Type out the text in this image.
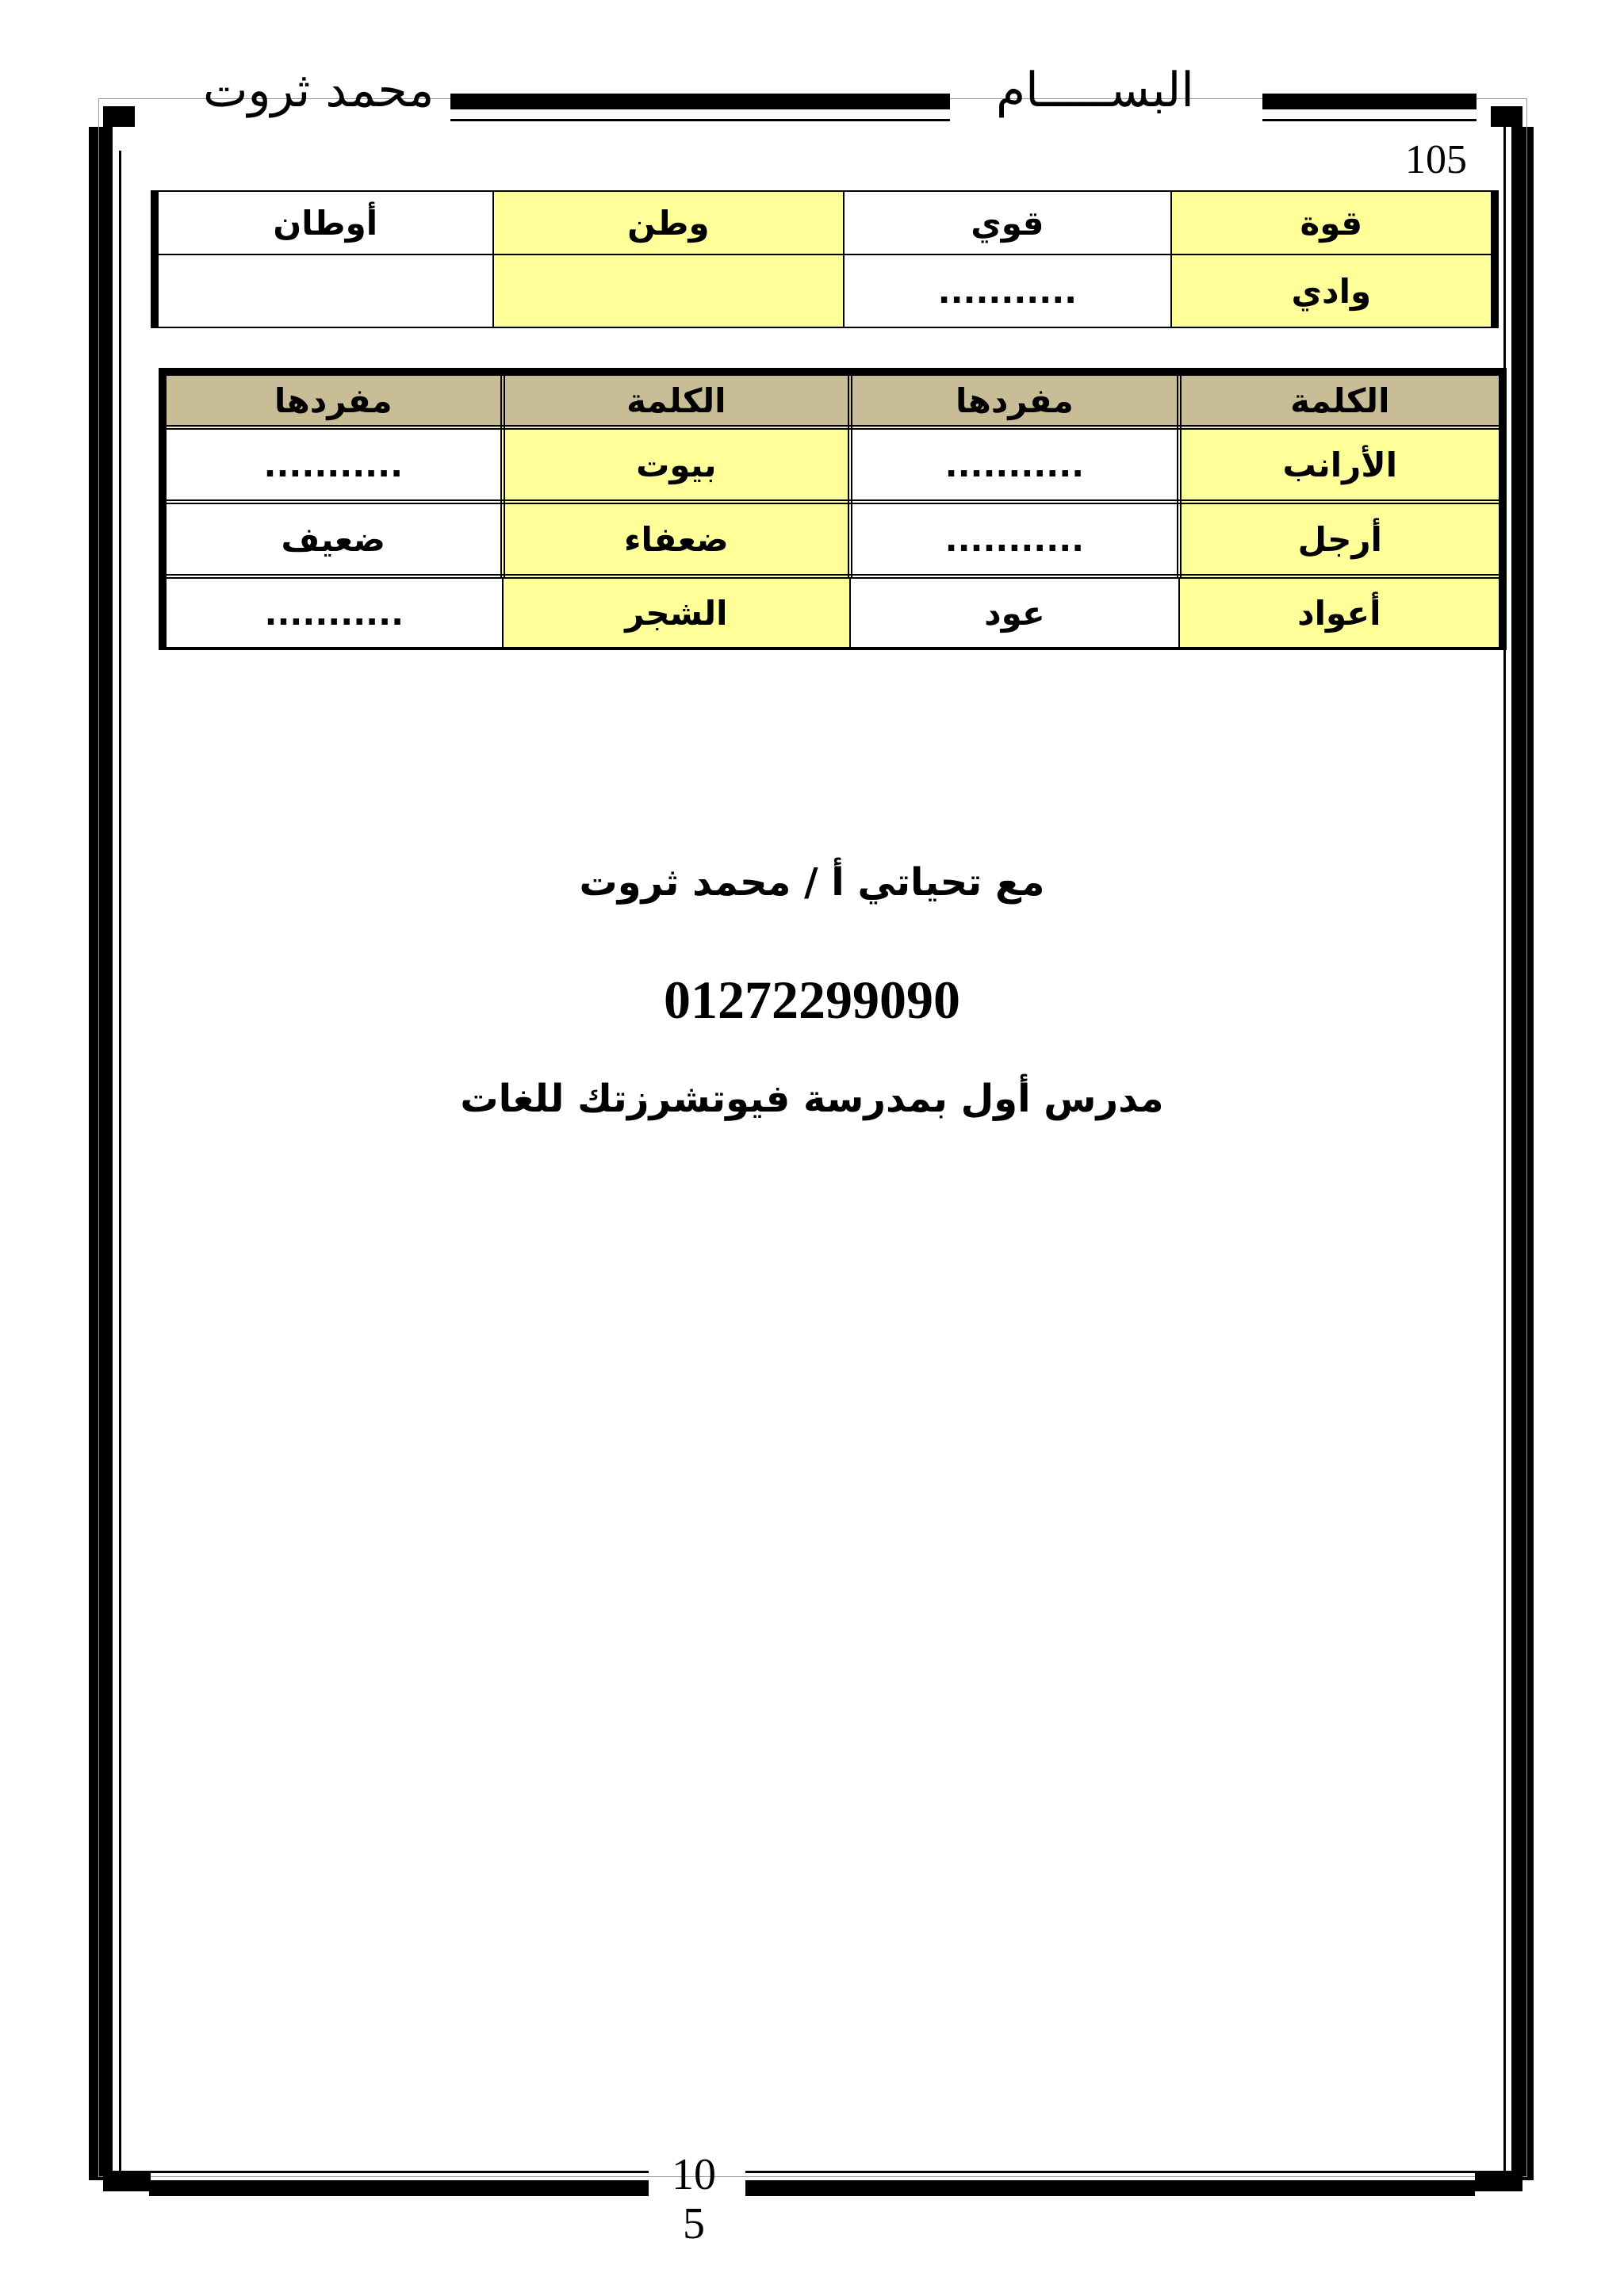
محمد ثروت	البســـــام
105
قوة	قوي	وطن	أوطان
وادي	...........		
الكلمة	مفردها	الكلمة	مفردها
الأرانب	...........	بيوت	...........
أرجل	...........	ضعفاء	ضعيف
أعواد	عود	الشجر	...........
مع تحياتي أ / محمد ثروت
01272299090
مدرس أول بمدرسة فيوتشرزتك للغات
10
5
